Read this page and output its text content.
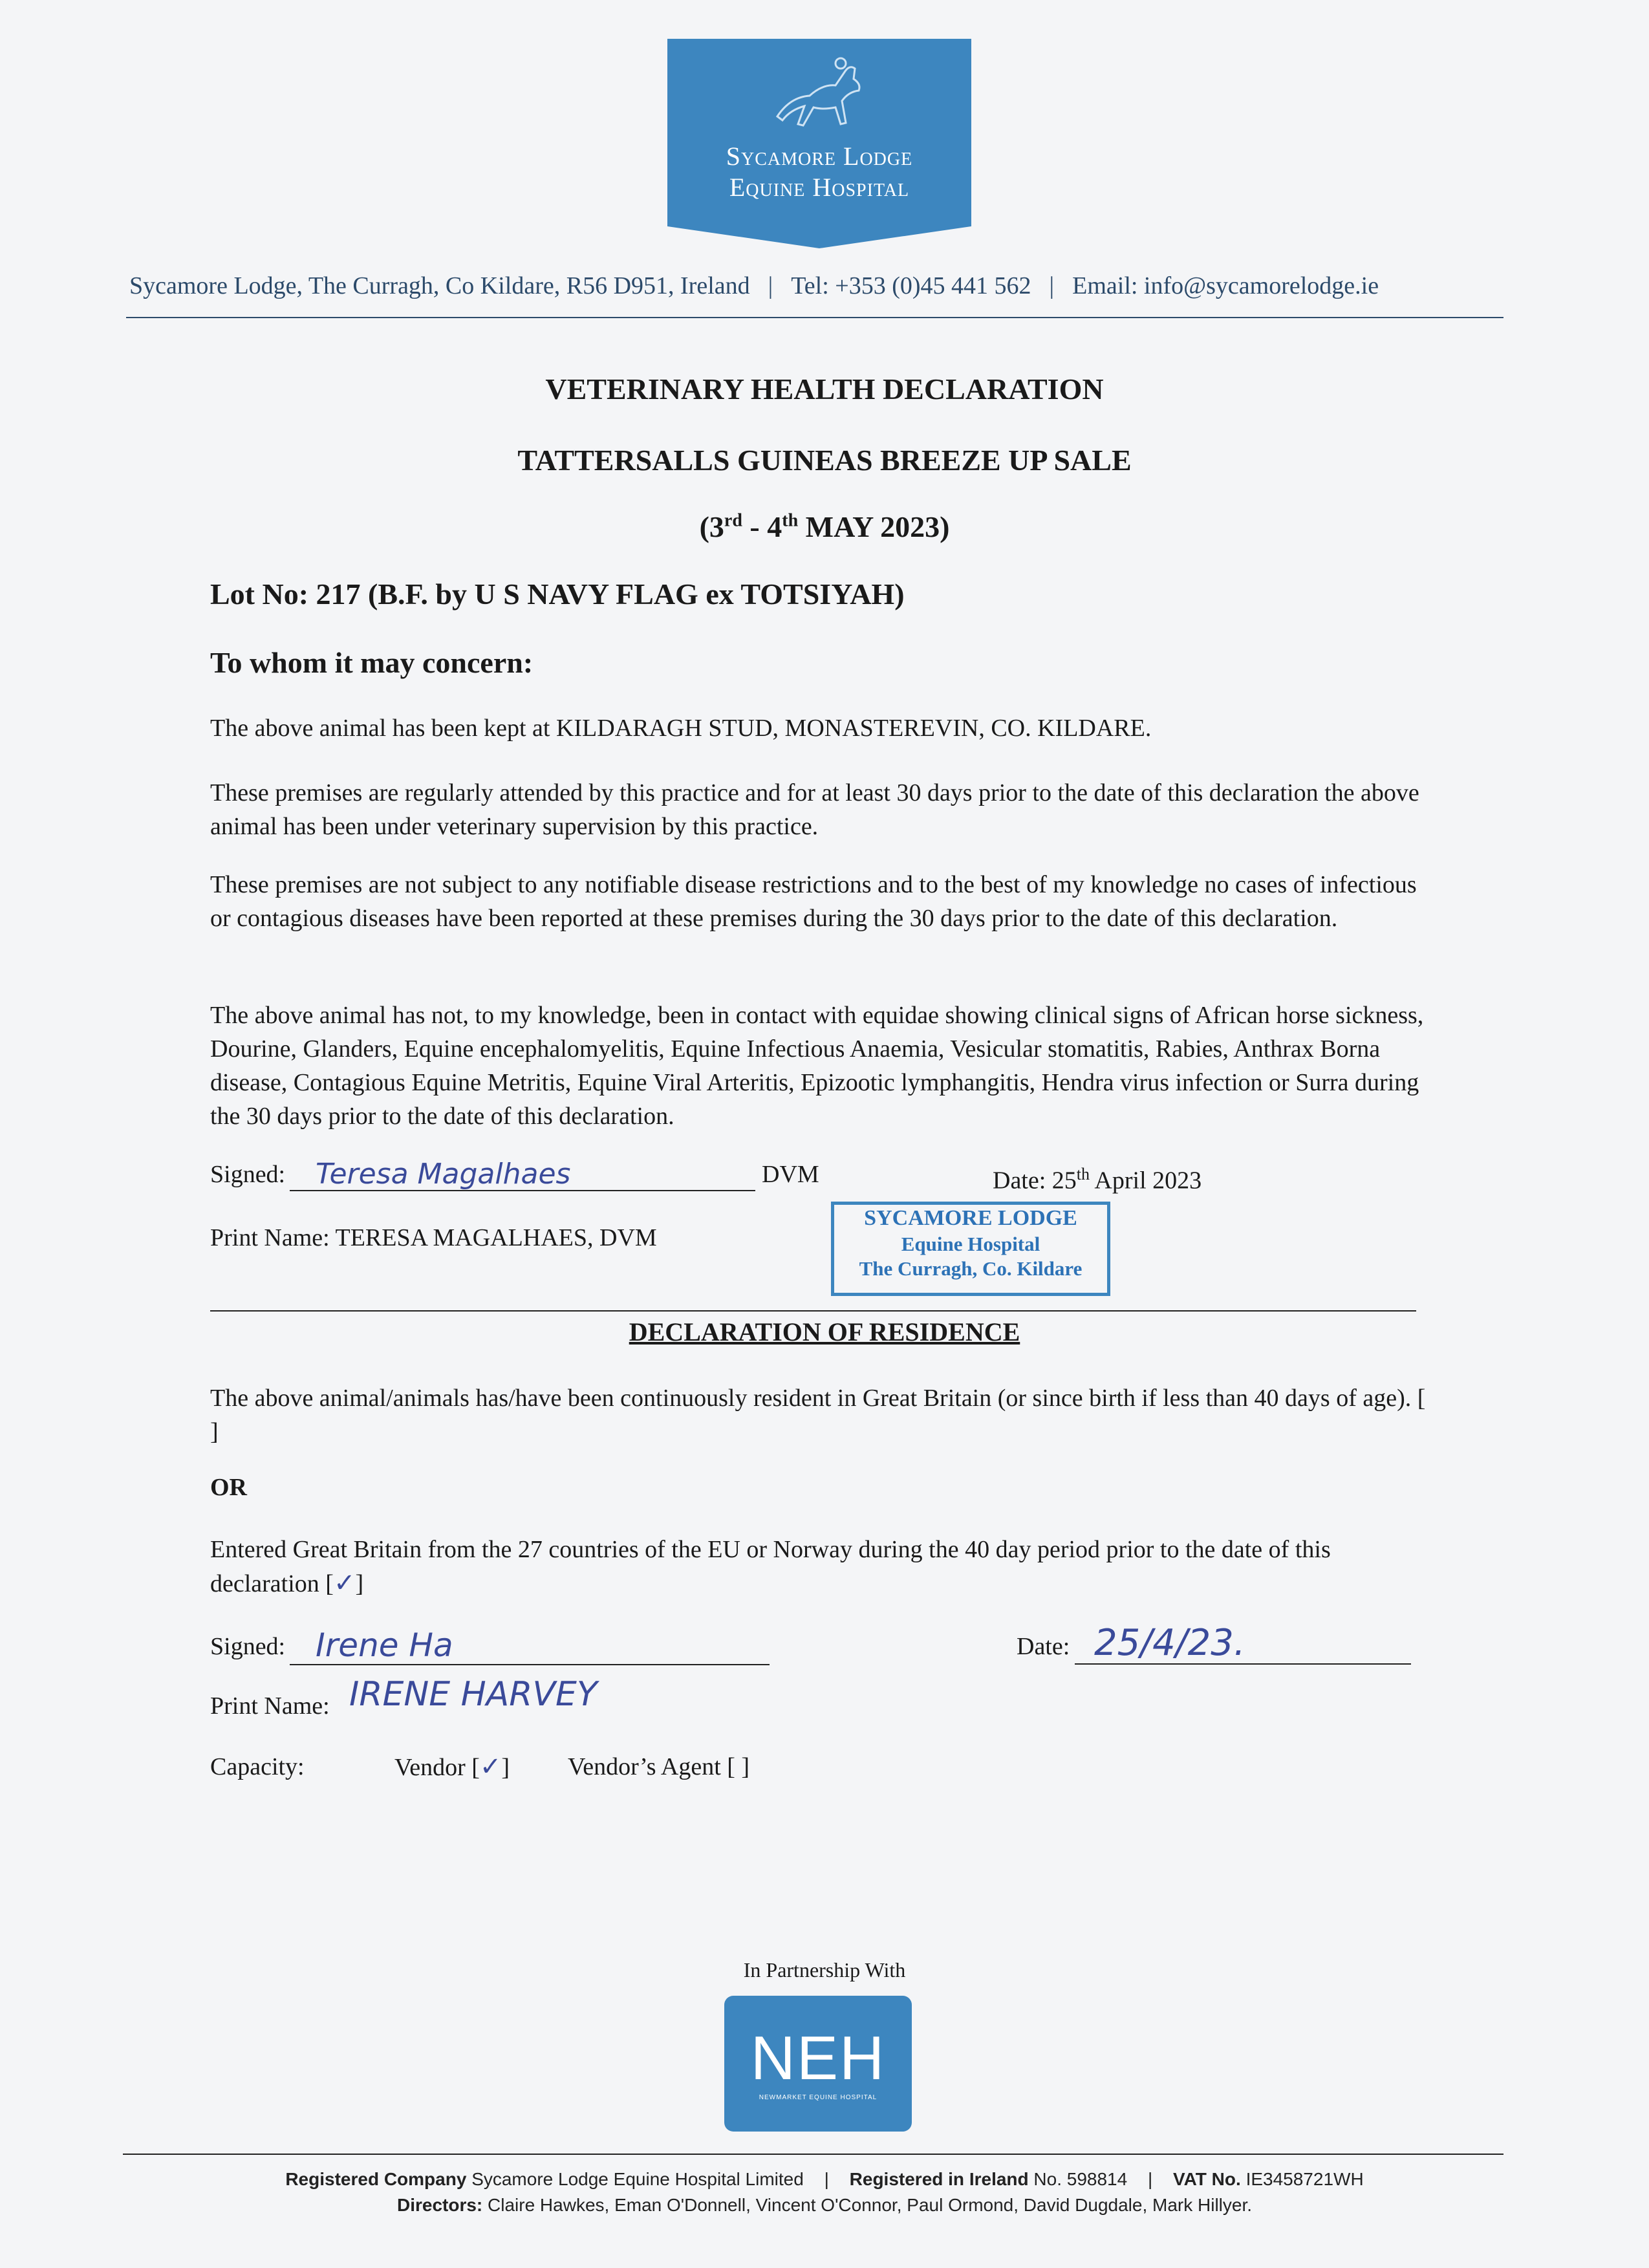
Sycamore Lodge
Equine Hospital
Sycamore Lodge, The Curragh, Co Kildare, R56 D951, Ireland | Tel: +353 (0)45 441 562 | Email: info@sycamorelodge.ie
VETERINARY HEALTH DECLARATION
TATTERSALLS GUINEAS BREEZE UP SALE
(3rd - 4th MAY 2023)
Lot No: 217 (B.F. by U S NAVY FLAG ex TOTSIYAH)
To whom it may concern:
The above animal has been kept at KILDARAGH STUD, MONASTEREVIN, CO. KILDARE.
These premises are regularly attended by this practice and for at least 30 days prior to the date of this declaration the above animal has been under veterinary supervision by this practice.
These premises are not subject to any notifiable disease restrictions and to the best of my knowledge no cases of infectious or contagious diseases have been reported at these premises during the 30 days prior to the date of this declaration.
The above animal has not, to my knowledge, been in contact with equidae showing clinical signs of African horse sickness, Dourine, Glanders, Equine encephalomyelitis, Equine Infectious Anaemia, Vesicular stomatitis, Rabies, Anthrax Borna disease, Contagious Equine Metritis, Equine Viral Arteritis, Epizootic lymphangitis, Hendra virus infection or Surra during the 30 days prior to the date of this declaration.
Signed:	Teresa Magalhaes	DVM	Date: 25th April 2023
Print Name: TERESA MAGALHAES, DVM
SYCAMORE LODGE
Equine Hospital
The Curragh, Co. Kildare
DECLARATION OF RESIDENCE
The above animal/animals has/have been continuously resident in Great Britain (or since birth if less than 40 days of age). [ ]
OR
Entered Great Britain from the 27 countries of the EU or Norway during the 40 day period prior to the date of this declaration [✓]
Signed: Irene Ha	Date: 25/4/23.
Print Name: IRENE HARVEY
Capacity:	Vendor [✓] Vendor’s Agent [ ]
In Partnership With
NEH
NEWMARKET EQUINE HOSPITAL
Registered Company Sycamore Lodge Equine Hospital Limited | Registered in Ireland No. 598814 | VAT No. IE3458721WH
Directors: Claire Hawkes, Eman O'Donnell, Vincent O'Connor, Paul Ormond, David Dugdale, Mark Hillyer.
